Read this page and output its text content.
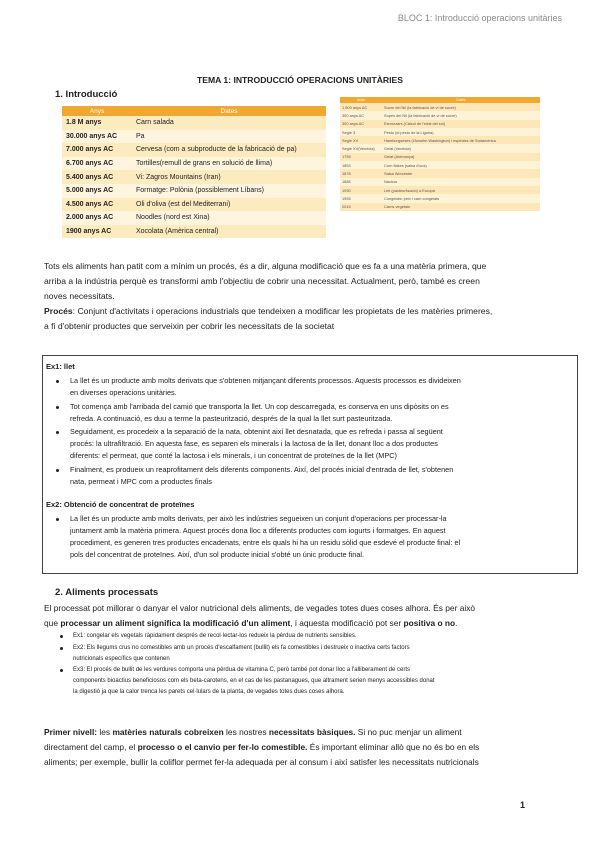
BLOC 1: Introducció operacions unitàries
TEMA 1: INTRODUCCIÓ OPERACIONS UNITÀRIES
1. Introducció
Anys	Dates
1.8 M anys	Carn salada
30.000 anys AC	Pa
7.000 anys AC	Cervesa (com a subproducte de la fabricació de pa)
6.700 anys AC	Tortilles(remull de grans en solució de llima)
5.400 anys AC	Vi: Zagros Mountains (Iran)
5.000 anys AC	Formatge: Polònia (possiblement Líbans)
4.500 anys AC	Oli d'oliva (est del Mediterrani)
2.000 anys AC	Noodles (nord est Xina)
1900 anys AC	Xocolata (Amèrica central)
Anys	Dates
1.500 anys AC	Sucre del Nil (la fabricació de vi de sucre)
300 anys AC	Sopes del Nil (la fabricació de vi de sucre)
300 anys AC	Esmorzars (Càlcul de l'edat del sol)
Segle 3	Pesto (el pesto de la Liguria)
Segle XV	Hamburgueses (l'Anselm Washington) i espècies de Sudamèrica
Segle XV(Venècia)	Gelat (Venècia)
1755	Gelat (Alemanya)
1853	Corn flakes (salsa d'ous)
1878	Salsa Worcester
1885	Nachos
1930	Llet (pasteurització) a Europa
1955	Congelats: peix i carn congelats
2015	Carns vegetals
Tots els aliments han patit com a mínim un procés, és a dir, alguna modificació que es fa a una matèria primera, que
arriba a la indústria perquè es transformi amb l'objectiu de cobrir una necessitat. Actualment, però, també es creen
noves necessitats.
Procés: Conjunt d'activitats i operacions industrials que tendeixen a modificar les propietats de les matèries primeres,
a fi d'obtenir productes que serveixin per cobrir les necessitats de la societat
Ex1: llet
La llet és un producte amb molts derivats que s'obtenen mitjançant diferents processos. Aquests processos es divideixen
en diverses operacions unitàries.
Tot comença amb l'arribada del camió que transporta la llet. Un cop descarregada, es conserva en uns dipòsits on es
refreda. A continuació, es duu a terme la pasteurització, després de la qual la llet surt pasteuritzada.
Seguidament, es procedeix a la separació de la nata, obtenint així llet desnatada, que es refreda i passa al següent
procés: la ultrafiltració. En aquesta fase, es separen els minerals i la lactosa de la llet, donant lloc a dos productes
diferents: el permeat, que conté la lactosa i els minerals, i un concentrat de proteïnes de la llet (MPC)
Finalment, es produeix un reaprofitament dels diferents components. Així, del procés inicial d'entrada de llet, s'obtenen
nata, permeat i MPC com a productes finals
Ex2: Obtenció de concentrat de proteïnes
La llet és un producte amb molts derivats, per això les indústries segueixen un conjunt d'operacions per processar-la
juntament amb la matèria primera. Aquest procés dona lloc a diferents productes com iogurts i formatges. En aquest
procediment, es generen tres productes encadenats, entre els quals hi ha un residu sòlid que esdevé el producte final: el
pols del concentrat de proteïnes. Així, d'un sol producte inicial s'obté un únic producte final.
2. Aliments processats
El processat pot millorar o danyar el valor nutricional dels aliments, de vegades totes dues coses alhora. És per això
que processar un aliment significa la modificació d'un aliment, i aquesta modificació pot ser positiva o no.
Ex1: congelar els vegetals ràpidament després de recol·lectar-los redueix la pèrdua de nutrients sensibles.
Ex2: Els llegums crus no comestibles amb un procés d'escalfament (bullit) els fa comestibles i destrueix o inactiva certs factors
nutricionals específics que contenen
Ex3: El procés de bullit de les verdures comporta una pèrdua de vitamina C, però també pot donar lloc a l'alliberament de certs
components bioactius beneficiosos com els beta-carotens, en el cas de les pastanagues, que altrament serien menys accessibles donat
la digestió ja que la calor trenca les parets cel·lulars de la planta, de vegades totes dues coses alhora.
Primer nivell: les matèries naturals cobreixen les nostres necessitats bàsiques. Si no puc menjar un aliment
directament del camp, el processo o el canvio per fer-lo comestible. És important eliminar allò que no és bo en els
aliments; per exemple, bullir la coliflor permet fer-la adequada per al consum i així satisfer les necessitats nutricionals
1
